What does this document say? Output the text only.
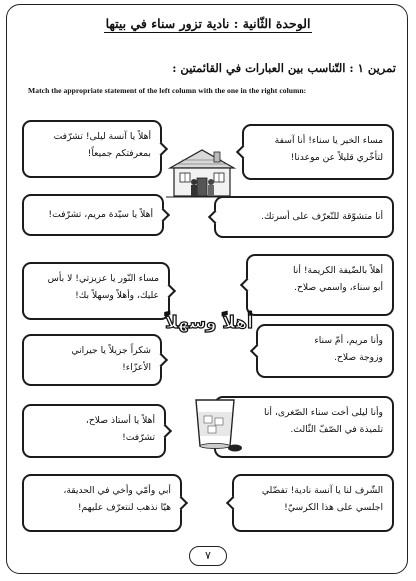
الوحدة الثّانية : نادية تزور سناء في بيتها
تمرين ١ : التّناسب بين العبارات في القائمتين :
Match the appropriate statement of the left column with the one in the right column:
أهلاً يا آنسة ليلى! تشرّفت
بمعرفتكم جميعاً!
أهلاً يا سيّدة مريم، تشرّفت!
مساء النّور يا عزيزتي! لا بأس
عليك، وأهلاً وسهلاً بك!
شكراً جزيلاً يا جيراني
الأعزّاء!
أهلاً يا أستاذ صلاح،
تشرّفت!
أبي وأمّي وأخي في الحديقة،
هيّا نذهب لنتعرّف عليهم!
مساء الخير يا سناء! أنا آسفة
لتأخّري قليلاً عن موعدنا!
أنا متشوّقة للتّعرّف على أسرتك.
أهلاً بالضّيفة الكريمة! أنا
أبو سناء، واسمي صلاح.
وأنا مريم، أمّ سناء
وزوجة صلاح.
وأنا ليلى أخت سناء الصّغرى، أنا
تلميذة في الصّفّ الثّالث.
الشّرف لنا يا آنسة نادية! تفضّلي
اجلسي على هذا الكرسيّ!
أهلاً وسهلاً
٧
